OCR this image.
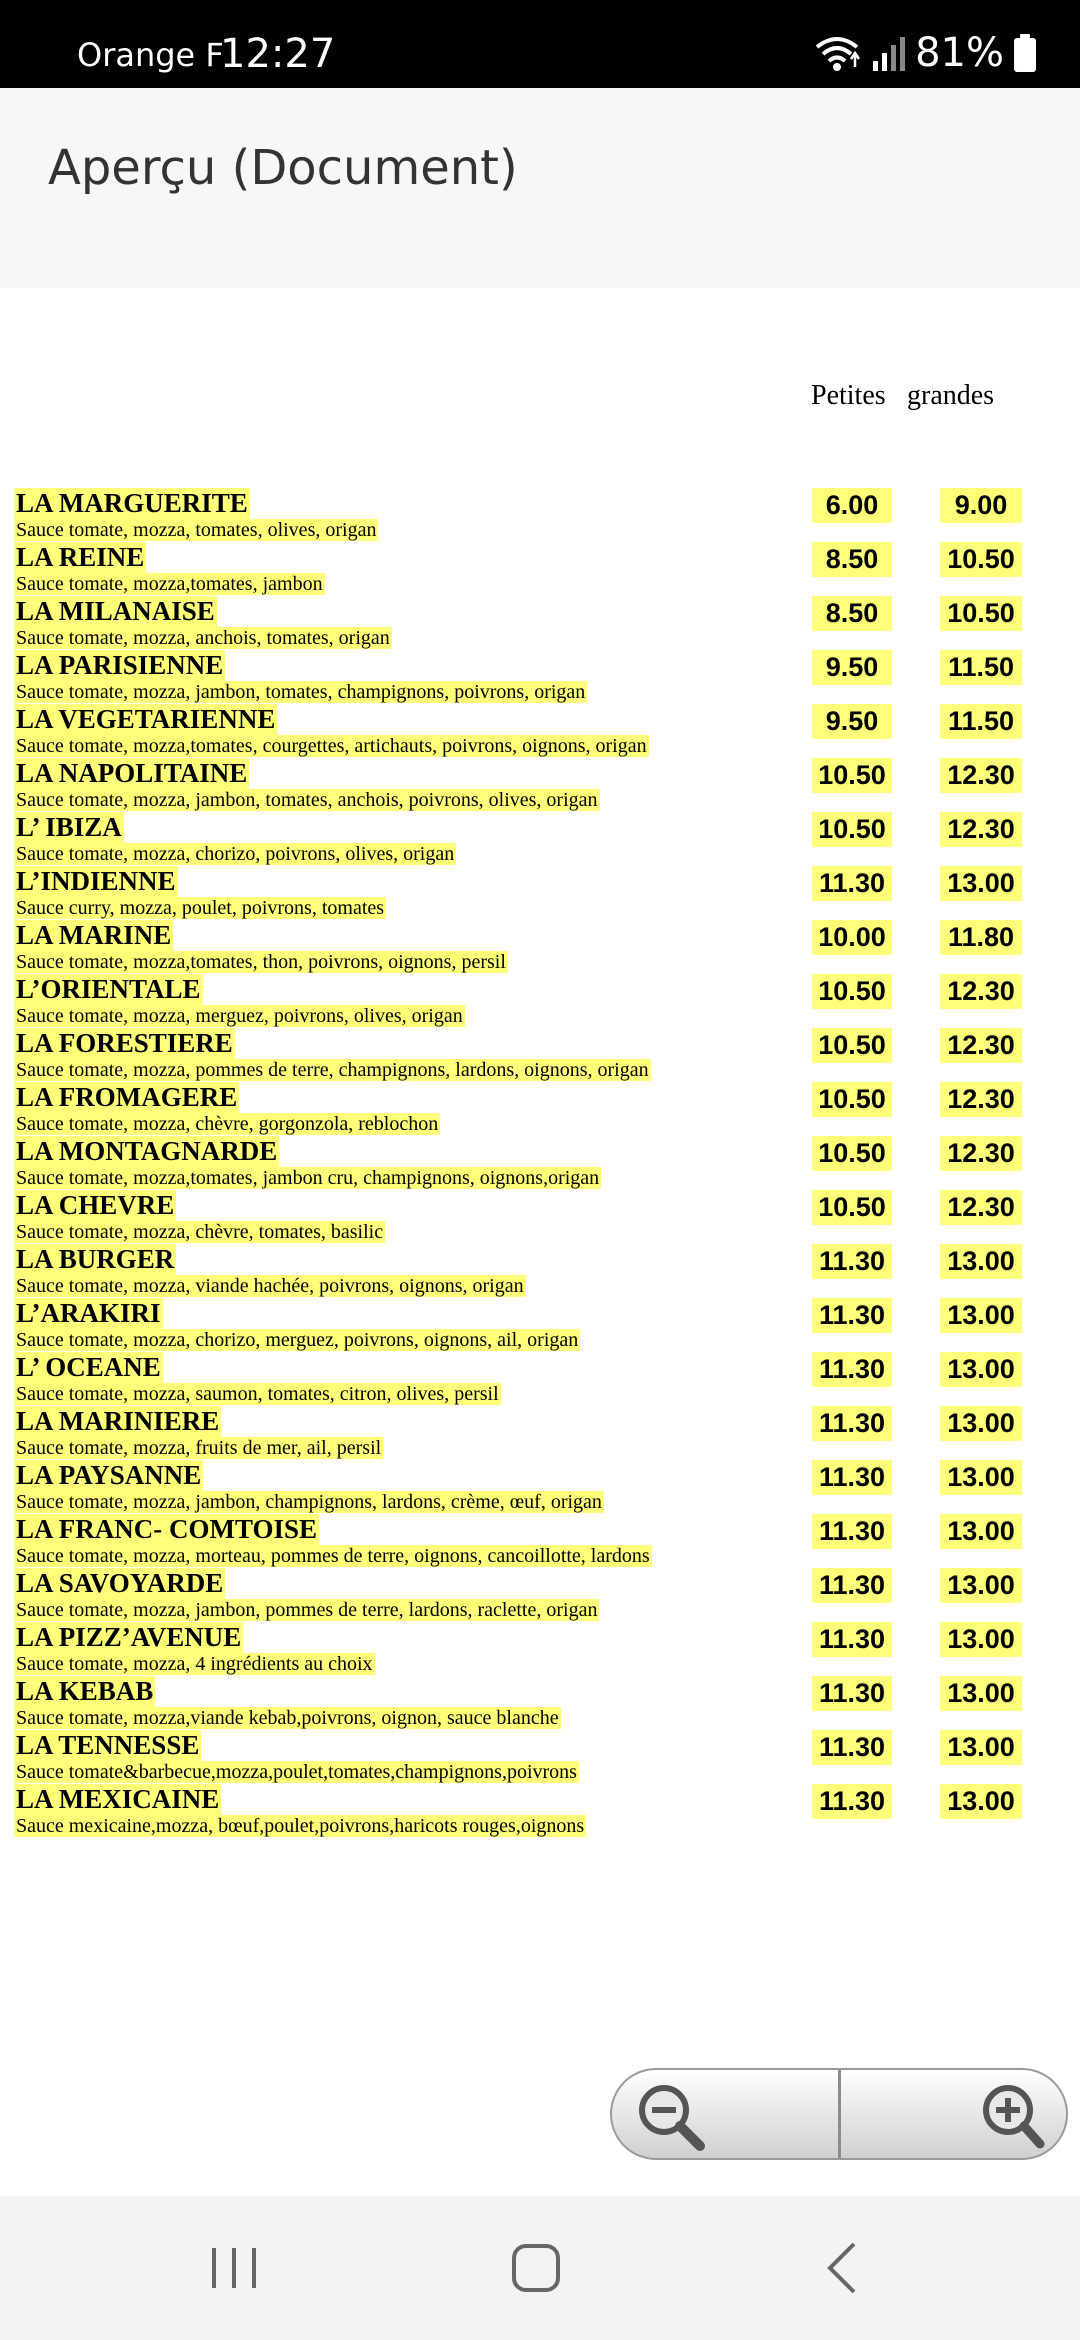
Orange F
12:27	81%
Aperçu (Document)
Petites grandes
LA MARGUERITE
Sauce tomate, mozza, tomates, olives, origan
6.00	9.00
LA REINE
Sauce tomate, mozza,tomates, jambon
8.50	10.50
LA MILANAISE
Sauce tomate, mozza, anchois, tomates, origan
8.50	10.50
LA PARISIENNE
Sauce tomate, mozza, jambon, tomates, champignons, poivrons, origan
9.50	11.50
LA VEGETARIENNE
Sauce tomate, mozza,tomates, courgettes, artichauts, poivrons, oignons, origan
9.50	11.50
LA NAPOLITAINE
Sauce tomate, mozza, jambon, tomates, anchois, poivrons, olives, origan
10.50 12.30
L’ IBIZA
Sauce tomate, mozza, chorizo, poivrons, olives, origan
10.50 12.30
L’INDIENNE
Sauce curry, mozza, poulet, poivrons, tomates
11.30 13.00
LA MARINE
Sauce tomate, mozza,tomates, thon, poivrons, oignons, persil
10.00 11.80
L’ORIENTALE
Sauce tomate, mozza, merguez, poivrons, olives, origan
10.50 12.30
LA FORESTIERE
Sauce tomate, mozza, pommes de terre, champignons, lardons, oignons, origan
10.50 12.30
LA FROMAGERE
Sauce tomate, mozza, chèvre, gorgonzola, reblochon
10.50 12.30
LA MONTAGNARDE
Sauce tomate, mozza,tomates, jambon cru, champignons, oignons,origan
10.50 12.30
LA CHEVRE
Sauce tomate, mozza, chèvre, tomates, basilic
10.50 12.30
LA BURGER
Sauce tomate, mozza, viande hachée, poivrons, oignons, origan
11.30 13.00
L’ARAKIRI
Sauce tomate, mozza, chorizo, merguez, poivrons, oignons, ail, origan
11.30 13.00
L’ OCEANE
Sauce tomate, mozza, saumon, tomates, citron, olives, persil
11.30 13.00
LA MARINIERE
Sauce tomate, mozza, fruits de mer, ail, persil
11.30 13.00
LA PAYSANNE
Sauce tomate, mozza, jambon, champignons, lardons, crème, œuf, origan
11.30 13.00
LA FRANC- COMTOISE
Sauce tomate, mozza, morteau, pommes de terre, oignons, cancoillotte, lardons
11.30 13.00
LA SAVOYARDE
Sauce tomate, mozza, jambon, pommes de terre, lardons, raclette, origan
11.30 13.00
LA PIZZ’AVENUE
Sauce tomate, mozza, 4 ingrédients au choix
11.30 13.00
LA KEBAB
Sauce tomate, mozza,viande kebab,poivrons, oignon, sauce blanche
11.30 13.00
LA TENNESSE
Sauce tomate&barbecue,mozza,poulet,tomates,champignons,poivrons
11.30 13.00
LA MEXICAINE
Sauce mexicaine,mozza, bœuf,poulet,poivrons,haricots rouges,oignons
11.30 13.00
